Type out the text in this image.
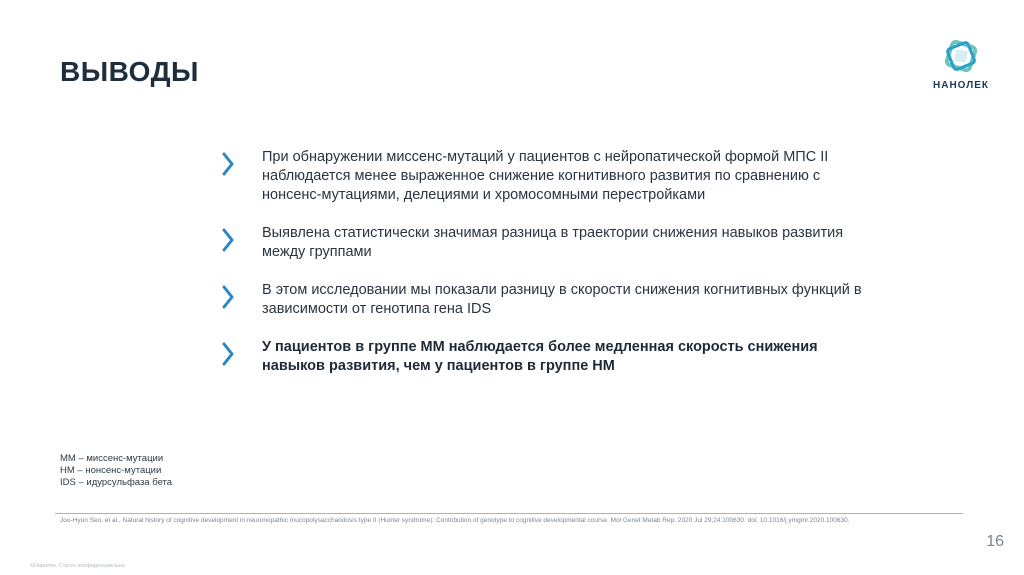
ВЫВОДЫ	НАНОЛЕК
При обнаружении миссенс-мутаций у пациентов с нейропатической формой МПС II наблюдается менее выраженное снижение когнитивного развития по сравнению с нонсенс-мутациями, делециями и хромосомными перестройками
Выявлена статистически значимая разница в траектории снижения навыков развития между группами
В этом исследовании мы показали разницу в скорости снижения когнитивных функций в зависимости от генотипа гена IDS
У пациентов в группе ММ наблюдается более медленная скорость снижения навыков развития, чем у пациентов в группе НМ
ММ – миссенс-мутации
НМ – нонсенс-мутации
IDS – идурсульфаза бета
Joo-Hyun Seo, et al., Natural history of cognitive development in neuronopathic mucopolysaccharidosis type II (Hunter syndrome): Contribution of genotype to cognitive developmental course. Mol Genet Metab Rep. 2020 Jul 29;24:100630. doi: 10.1016/j.ymgmr.2020.100630.
16
©Нанолек. Строго конфиденциально
